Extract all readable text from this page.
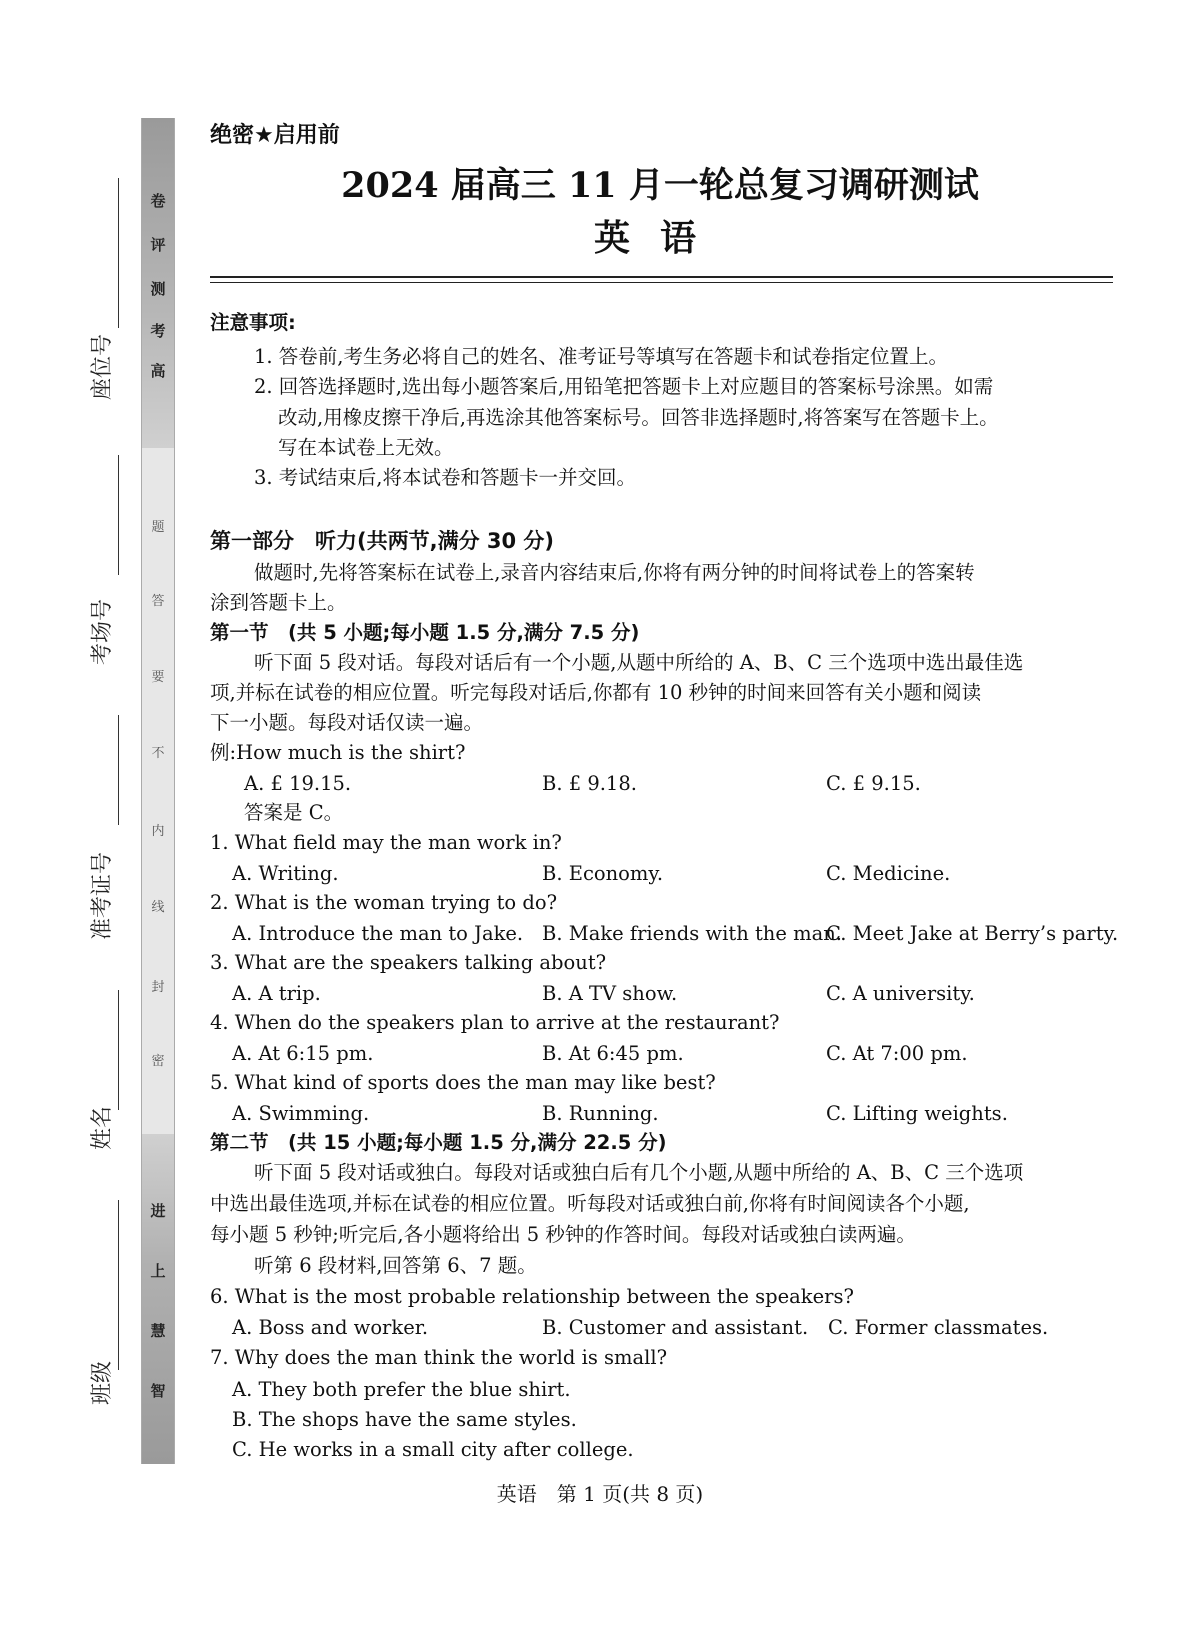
卷
评
测
考
高
题
答
要
不
内
线
封
密
进
上
慧
智
座位号
考场号
准考证号
姓名
班级
绝密★启用前
2024 届高三 11 月一轮总复习调研测试
英语
注意事项:
1. 答卷前,考生务必将自己的姓名、准考证号等填写在答题卡和试卷指定位置上。
2. 回答选择题时,选出每小题答案后,用铅笔把答题卡上对应题目的答案标号涂黑。如需
改动,用橡皮擦干净后,再选涂其他答案标号。回答非选择题时,将答案写在答题卡上。
写在本试卷上无效。
3. 考试结束后,将本试卷和答题卡一并交回。
第一部分　听力(共两节,满分 30 分)
做题时,先将答案标在试卷上,录音内容结束后,你将有两分钟的时间将试卷上的答案转
涂到答题卡上。
第一节　(共 5 小题;每小题 1.5 分,满分 7.5 分)
听下面 5 段对话。每段对话后有一个小题,从题中所给的 A、B、C 三个选项中选出最佳选
项,并标在试卷的相应位置。听完每段对话后,你都有 10 秒钟的时间来回答有关小题和阅读
下一小题。每段对话仅读一遍。
例:How much is the shirt?
A. £ 19.15.	B. £ 9.18.	C. £ 9.15.
答案是 C。
1. What field may the man work in?
A. Writing.	B. Economy.	C. Medicine.
2. What is the woman trying to do?
A. Introduce the man to Jake. B. Make friends with the man.
C. Meet Jake at Berry’s party.
3. What are the speakers talking about?
A. A trip.	B. A TV show.	C. A university.
4. When do the speakers plan to arrive at the restaurant?
A. At 6:15 pm.	B. At 6:45 pm.	C. At 7:00 pm.
5. What kind of sports does the man may like best?
A. Swimming.	B. Running.	C. Lifting weights.
第二节　(共 15 小题;每小题 1.5 分,满分 22.5 分)
听下面 5 段对话或独白。每段对话或独白后有几个小题,从题中所给的 A、B、C 三个选项
中选出最佳选项,并标在试卷的相应位置。听每段对话或独白前,你将有时间阅读各个小题,
每小题 5 秒钟;听完后,各小题将给出 5 秒钟的作答时间。每段对话或独白读两遍。
听第 6 段材料,回答第 6、7 题。
6. What is the most probable relationship between the speakers?
A. Boss and worker.	B. Customer and assistant. C. Former classmates.
7. Why does the man think the world is small?
A. They both prefer the blue shirt.
B. The shops have the same styles.
C. He works in a small city after college.
英语　第 1 页(共 8 页)
